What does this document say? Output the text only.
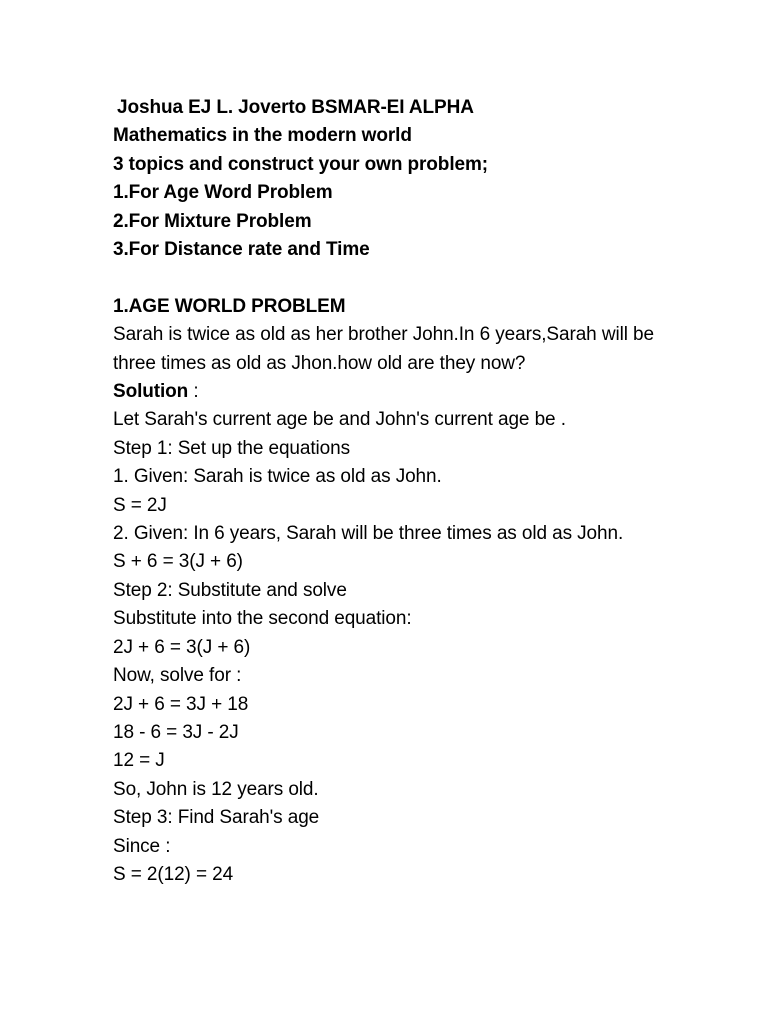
Joshua EJ L. Joverto BSMAR-EI ALPHA
Mathematics in the modern world
3 topics and construct your own problem;
1.For Age Word Problem
2.For Mixture Problem
3.For Distance rate and Time
1.AGE WORLD PROBLEM
Sarah is twice as old as her brother John.In 6 years,Sarah will be three times as old as Jhon.how old are they now?
Solution :
Let Sarah's current age be and John's current age be .
Step 1: Set up the equations
1. Given: Sarah is twice as old as John.
S = 2J
2. Given: In 6 years, Sarah will be three times as old as John.
S + 6 = 3(J + 6)
Step 2: Substitute and solve
Substitute into the second equation:
2J + 6 = 3(J + 6)
Now, solve for :
2J + 6 = 3J + 18
18 - 6 = 3J - 2J
12 = J
So, John is 12 years old.
Step 3: Find Sarah's age
Since :
S = 2(12) = 24
